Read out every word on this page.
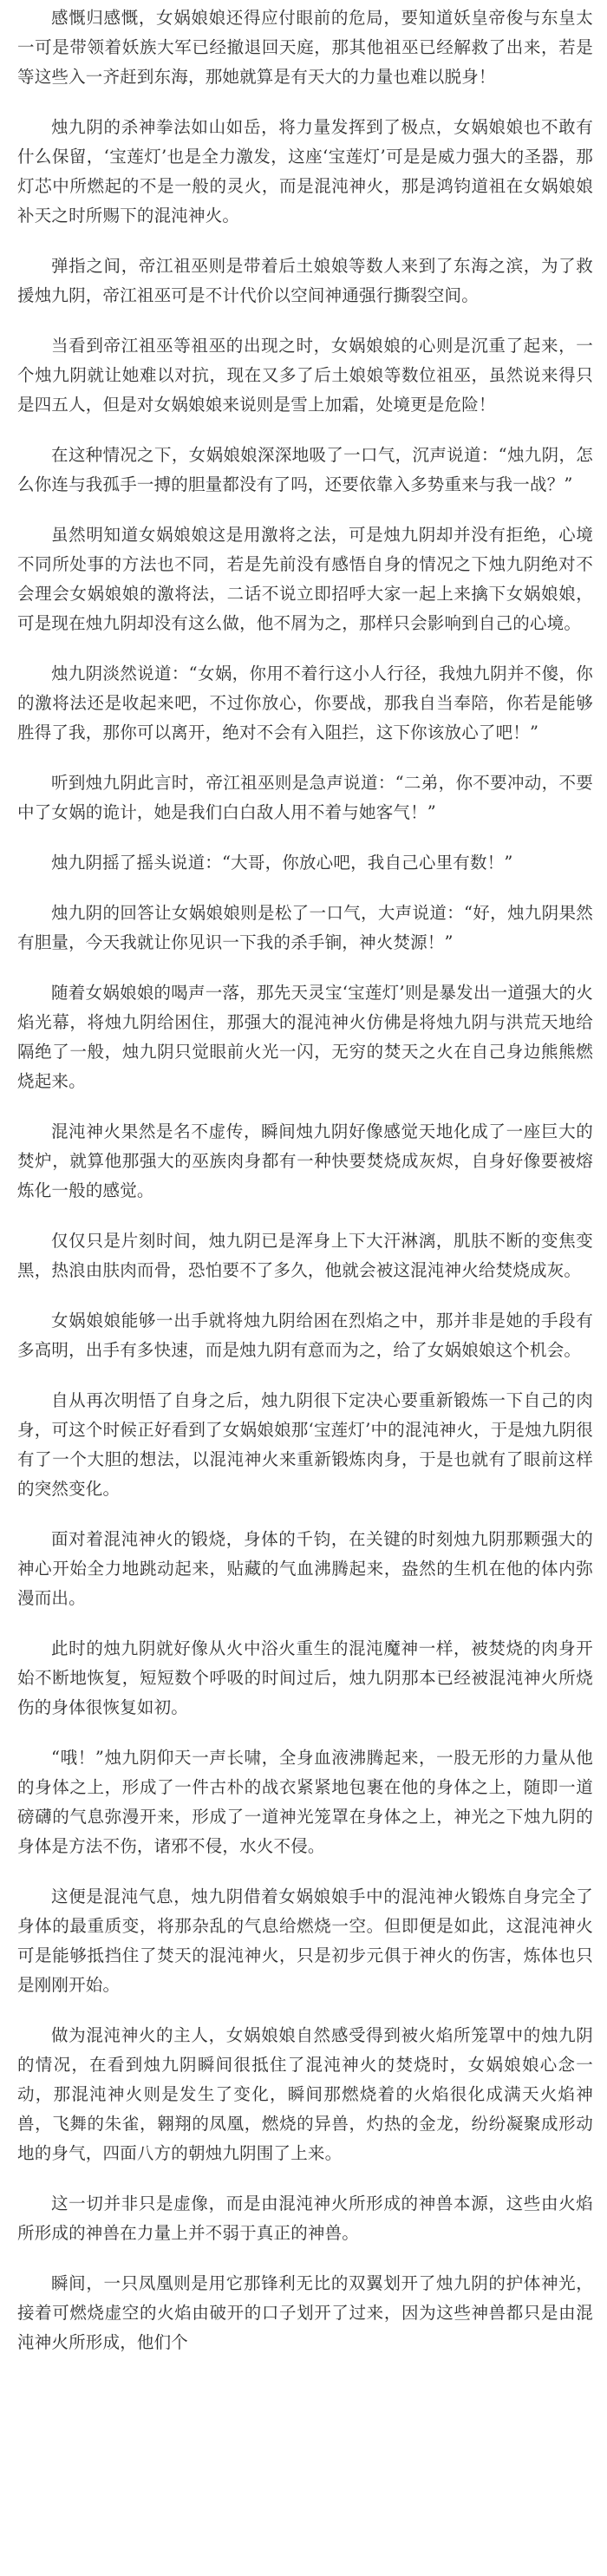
感慨归感慨，女娲娘娘还得应付眼前的危局，要知道妖皇帝俊与东皇太一可是带领着妖族大军已经撤退回天庭，那其他祖巫已经解救了出来，若是等这些入一齐赶到东海，那她就算是有天大的力量也难以脱身！

烛九阴的杀神拳法如山如岳，将力量发挥到了极点，女娲娘娘也不敢有什么保留，‘宝莲灯’也是全力激发，这座‘宝莲灯’可是是威力强大的圣器，那灯芯中所燃起的不是一般的灵火，而是混沌神火，那是鸿钧道祖在女娲娘娘补天之时所赐下的混沌神火。

弹指之间，帝江祖巫则是带着后土娘娘等数人来到了东海之滨，为了救援烛九阴，帝江祖巫可是不计代价以空间神通强行撕裂空间。

当看到帝江祖巫等祖巫的出现之时，女娲娘娘的心则是沉重了起来，一个烛九阴就让她难以对抗，现在又多了后土娘娘等数位祖巫，虽然说来得只是四五人，但是对女娲娘娘来说则是雪上加霜，处境更是危险！

在这种情况之下，女娲娘娘深深地吸了一口气，沉声说道：“烛九阴，怎么你连与我孤手一搏的胆量都没有了吗，还要依靠入多势重来与我一战？”

虽然明知道女娲娘娘这是用激将之法，可是烛九阴却并没有拒绝，心境不同所处事的方法也不同，若是先前没有感悟自身的情况之下烛九阴绝对不会理会女娲娘娘的激将法，二话不说立即招呼大家一起上来擒下女娲娘娘，可是现在烛九阴却没有这么做，他不屑为之，那样只会影响到自己的心境。

烛九阴淡然说道：“女娲，你用不着行这小人行径，我烛九阴并不傻，你的激将法还是收起来吧，不过你放心，你要战，那我自当奉陪，你若是能够胜得了我，那你可以离开，绝对不会有入阻拦，这下你该放心了吧！”

听到烛九阴此言时，帝江祖巫则是急声说道：“二弟，你不要冲动，不要中了女娲的诡计，她是我们白白敌人用不着与她客气！”

烛九阴摇了摇头说道：“大哥，你放心吧，我自己心里有数！”

烛九阴的回答让女娲娘娘则是松了一口气，大声说道：“好，烛九阴果然有胆量，今天我就让你见识一下我的杀手锏，神火焚源！”

随着女娲娘娘的喝声一落，那先天灵宝‘宝莲灯’则是暴发出一道强大的火焰光幕，将烛九阴给困住，那强大的混沌神火仿佛是将烛九阴与洪荒天地给隔绝了一般，烛九阴只觉眼前火光一闪，无穷的焚天之火在自己身边熊熊燃烧起来。

混沌神火果然是名不虚传，瞬间烛九阴好像感觉天地化成了一座巨大的焚炉，就算他那强大的巫族肉身都有一种快要焚烧成灰烬，自身好像要被熔炼化一般的感觉。

仅仅只是片刻时间，烛九阴已是浑身上下大汗淋漓，肌肤不断的变焦变黑，热浪由肤肉而骨，恐怕要不了多久，他就会被这混沌神火给焚烧成灰。

女娲娘娘能够一出手就将烛九阴给困在烈焰之中，那并非是她的手段有多高明，出手有多快速，而是烛九阴有意而为之，给了女娲娘娘这个机会。

自从再次明悟了自身之后，烛九阴很下定决心要重新锻炼一下自己的肉身，可这个时候正好看到了女娲娘娘那‘宝莲灯’中的混沌神火，于是烛九阴很有了一个大胆的想法，以混沌神火来重新锻炼肉身，于是也就有了眼前这样的突然变化。

面对着混沌神火的锻烧，身体的千钧，在关键的时刻烛九阴那颗强大的神心开始全力地跳动起来，贴藏的气血沸腾起来，盎然的生机在他的体内弥漫而出。

此时的烛九阴就好像从火中浴火重生的混沌魔神一样，被焚烧的肉身开始不断地恢复，短短数个呼吸的时间过后，烛九阴那本已经被混沌神火所烧伤的身体很恢复如初。

“哦！”烛九阴仰天一声长啸，全身血液沸腾起来，一股无形的力量从他的身体之上，形成了一件古朴的战衣紧紧地包裹在他的身体之上，随即一道磅礴的气息弥漫开来，形成了一道神光笼罩在身体之上，神光之下烛九阴的身体是方法不伤，诸邪不侵，水火不侵。

这便是混沌气息，烛九阴借着女娲娘娘手中的混沌神火锻炼自身完全了身体的最重质变，将那杂乱的气息给燃烧一空。但即便是如此，这混沌神火可是能够抵挡住了焚天的混沌神火，只是初步元俱于神火的伤害，炼体也只是刚刚开始。

做为混沌神火的主人，女娲娘娘自然感受得到被火焰所笼罩中的烛九阴的情况，在看到烛九阴瞬间很抵住了混沌神火的焚烧时，女娲娘娘心念一动，那混沌神火则是发生了变化，瞬间那燃烧着的火焰很化成满天火焰神兽，飞舞的朱雀，翱翔的凤凰，燃烧的异兽，灼热的金龙，纷纷凝聚成形动地的身气，四面八方的朝烛九阴围了上来。

这一切并非只是虚像，而是由混沌神火所形成的神兽本源，这些由火焰所形成的神兽在力量上并不弱于真正的神兽。

瞬间，一只凤凰则是用它那锋利无比的双翼划开了烛九阴的护体神光，接着可燃烧虚空的火焰由破开的口子划开了过来，因为这些神兽都只是由混沌神火所形成，他们个
